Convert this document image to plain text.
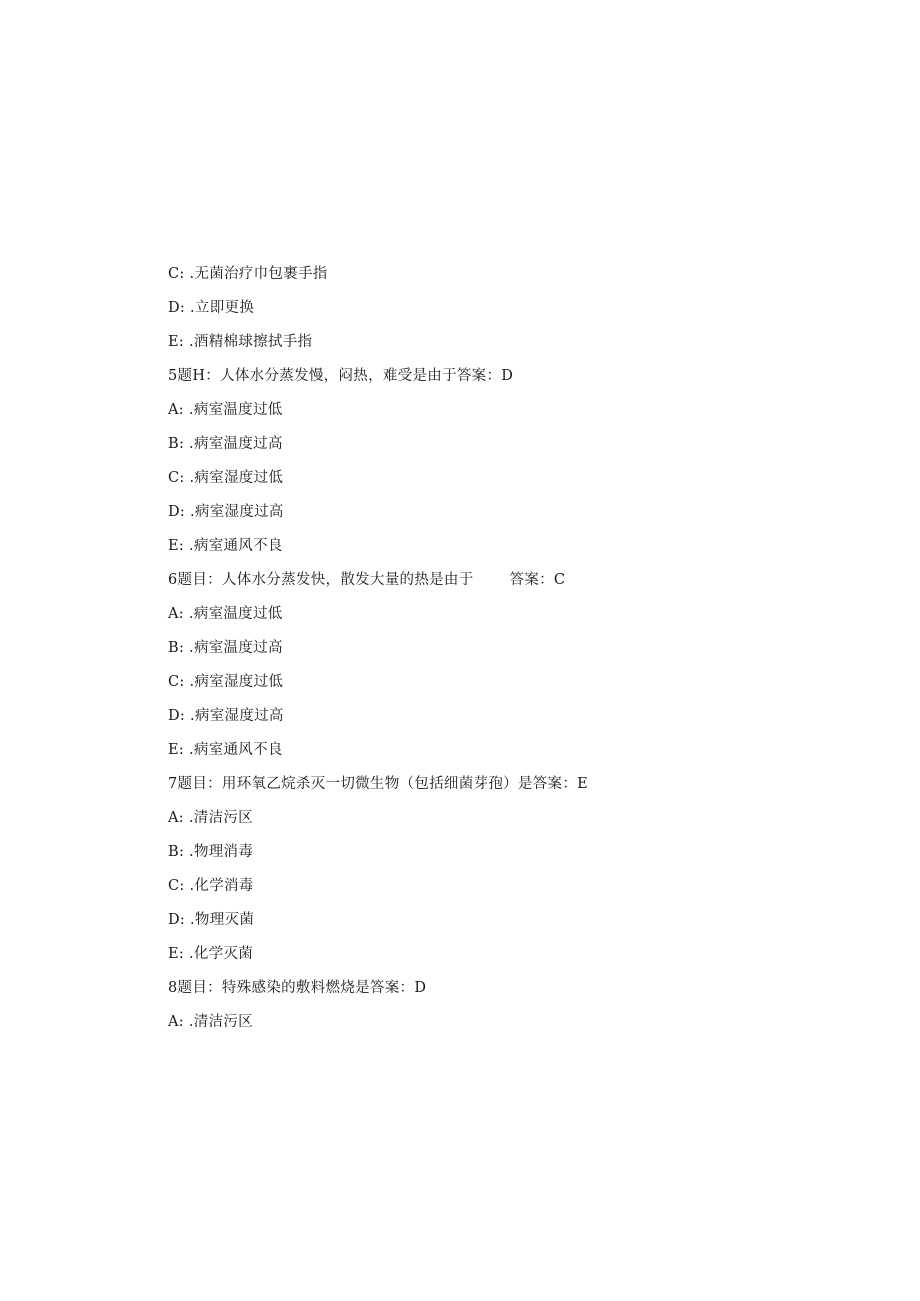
C: .无菌治疗巾包裹手指
D: .立即更换
E: .酒精棉球擦拭手指
5题H：人体水分蒸发慢，闷热，难受是由于答案：D
A: .病室温度过低
B: .病室温度过高
C: .病室湿度过低
D: .病室湿度过高
E: .病室通风不良
6题目：人体水分蒸发快，散发大量的热是由于 答案：C
A: .病室温度过低
B: .病室温度过高
C: .病室湿度过低
D: .病室湿度过高
E: .病室通风不良
7题目：用环氧乙烷杀灭一切微生物（包括细菌芽孢）是答案：E
A: .清洁污区
B: .物理消毒
C: .化学消毒
D: .物理灭菌
E: .化学灭菌
8题目：特殊感染的敷料燃烧是答案：D
A: .清洁污区
